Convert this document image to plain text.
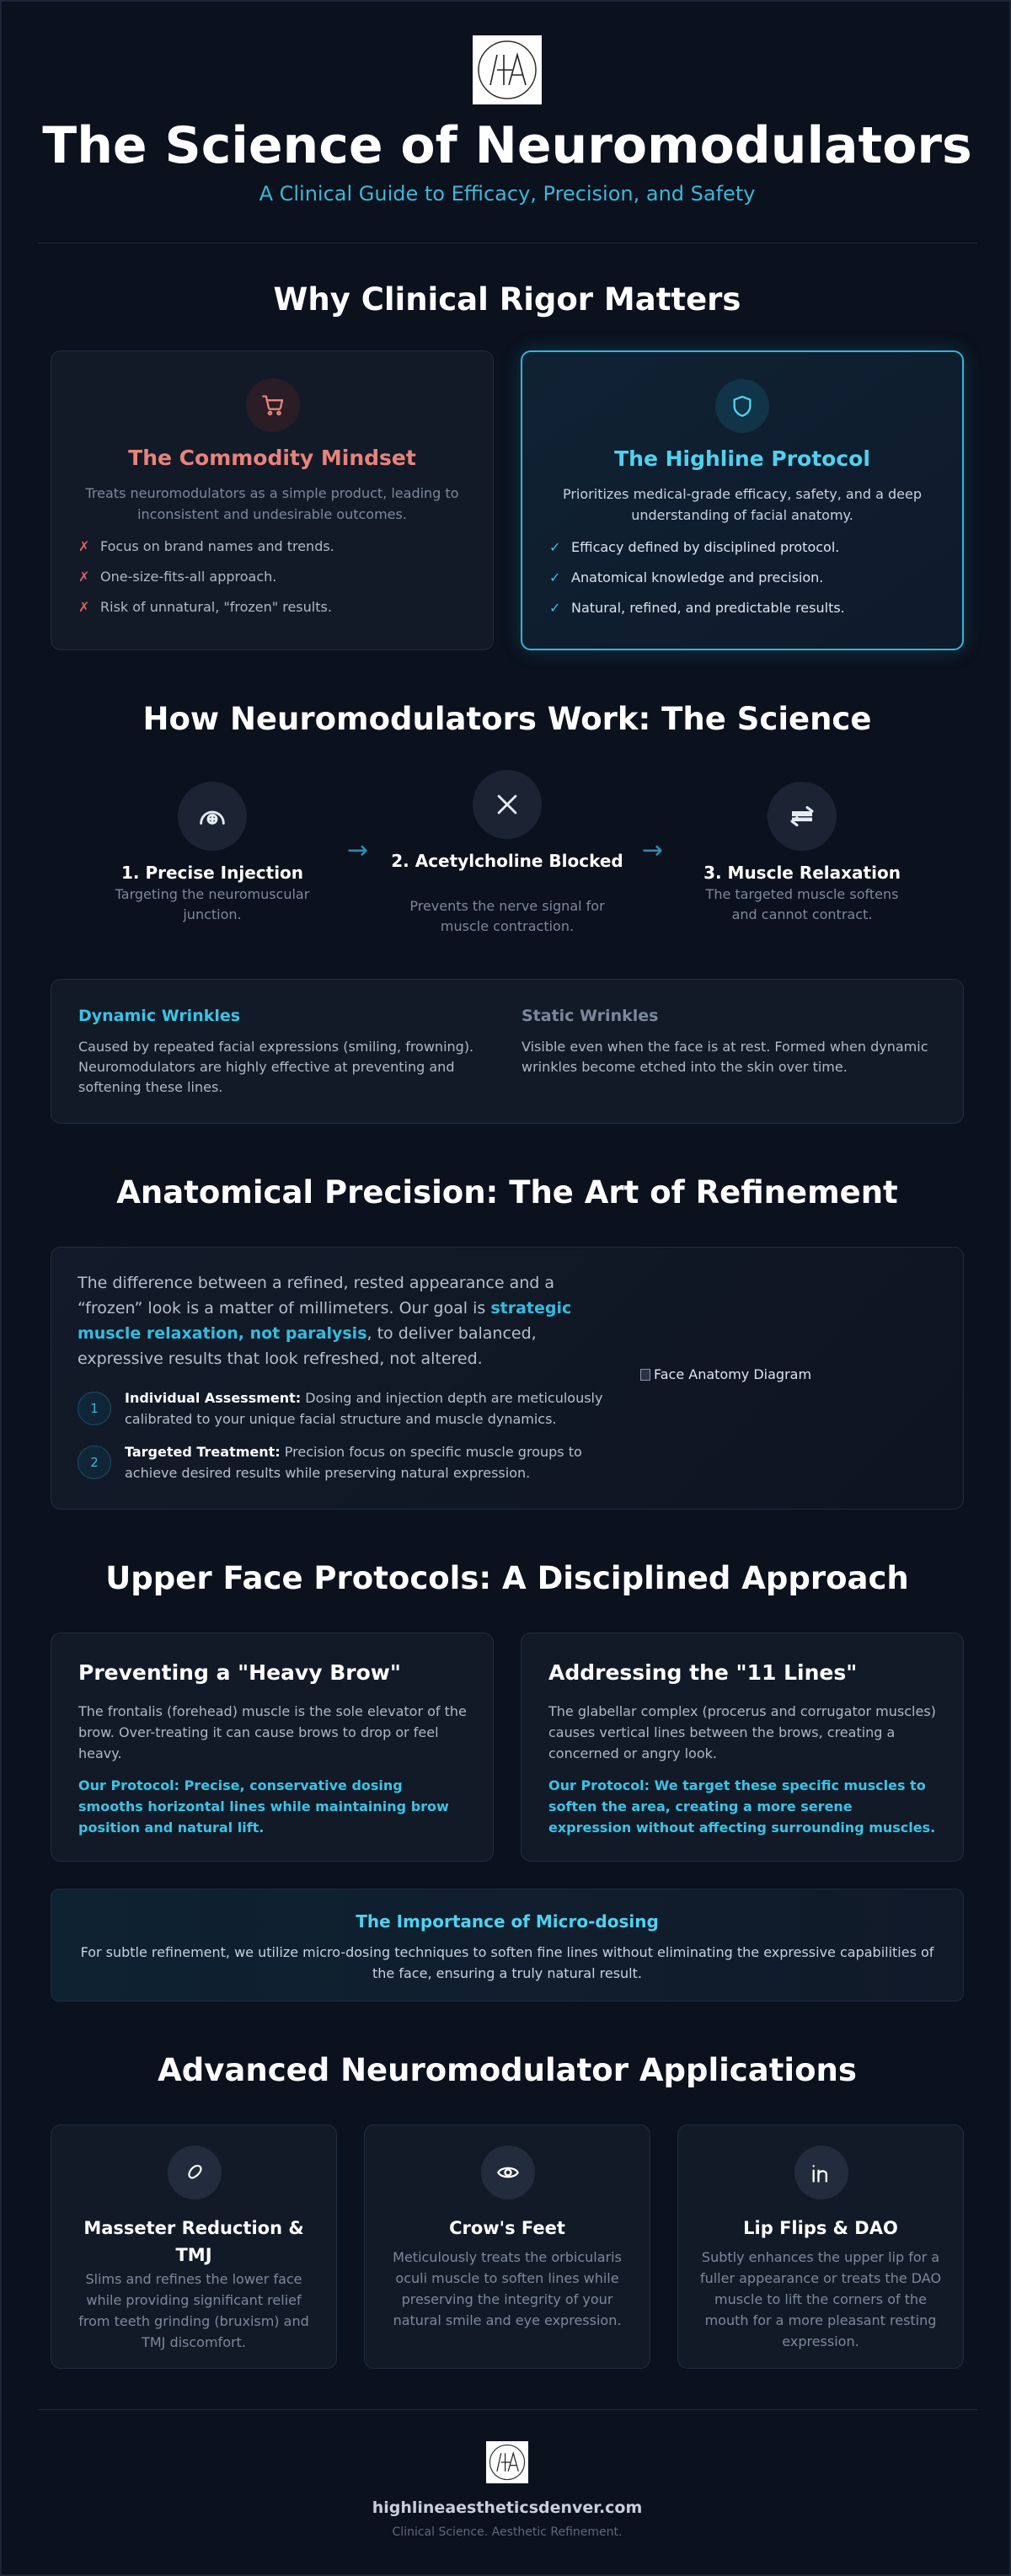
The Science of Neuromodulators
A Clinical Guide to Efficacy, Precision, and Safety
Why Clinical Rigor Matters
The Commodity Mindset
Treats neuromodulators as a simple product, leading to inconsistent and undesirable outcomes.
✗ Focus on brand names and trends.
✗ One-size-fits-all approach.
✗ Risk of unnatural, "frozen" results.
The Highline Protocol
Prioritizes medical-grade efficacy, safety, and a deep understanding of facial anatomy.
✓ Efficacy defined by disciplined protocol.
✓ Anatomical knowledge and precision.
✓ Natural, refined, and predictable results.
How Neuromodulators Work: The Science
1. Precise Injection
Targeting the neuromuscular junction.
→	2. Acetylcholine Blocked
Prevents the nerve signal for muscle contraction.
→
3. Muscle Relaxation
The targeted muscle softens and cannot contract.
Dynamic Wrinkles
Caused by repeated facial expressions (smiling, frowning). Neuromodulators are highly effective at preventing and softening these lines.
Static Wrinkles
Visible even when the face is at rest. Formed when dynamic wrinkles become etched into the skin over time.
Anatomical Precision: The Art of Refinement
The difference between a refined, rested appearance and a “frozen” look is a matter of millimeters. Our goal is strategic muscle relaxation, not paralysis, to deliver balanced, expressive results that look refreshed, not altered.
1
Individual Assessment: Dosing and injection depth are meticulously calibrated to your unique facial structure and muscle dynamics.
2
Targeted Treatment: Precision focus on specific muscle groups to achieve desired results while preserving natural expression.
Face Anatomy Diagram
Upper Face Protocols: A Disciplined Approach
Preventing a "Heavy Brow"
The frontalis (forehead) muscle is the sole elevator of the brow. Over-treating it can cause brows to drop or feel heavy.
Our Protocol: Precise, conservative dosing smooths horizontal lines while maintaining brow position and natural lift.
Addressing the "11 Lines"
The glabellar complex (procerus and corrugator muscles) causes vertical lines between the brows, creating a concerned or angry look.
Our Protocol: We target these specific muscles to soften the area, creating a more serene expression without affecting surrounding muscles.
The Importance of Micro-dosing
For subtle refinement, we utilize micro-dosing techniques to soften fine lines without eliminating the expressive capabilities of the face, ensuring a truly natural result.
Advanced Neuromodulator Applications
Masseter Reduction & TMJ
Slims and refines the lower face while providing significant relief from teeth grinding (bruxism) and TMJ discomfort.
Crow's Feet
Meticulously treats the orbicularis oculi muscle to soften lines while preserving the integrity of your natural smile and eye expression.
Lip Flips & DAO
Subtly enhances the upper lip for a fuller appearance or treats the DAO muscle to lift the corners of the mouth for a more pleasant resting expression.
highlineaestheticsdenver.com
Clinical Science. Aesthetic Refinement.
